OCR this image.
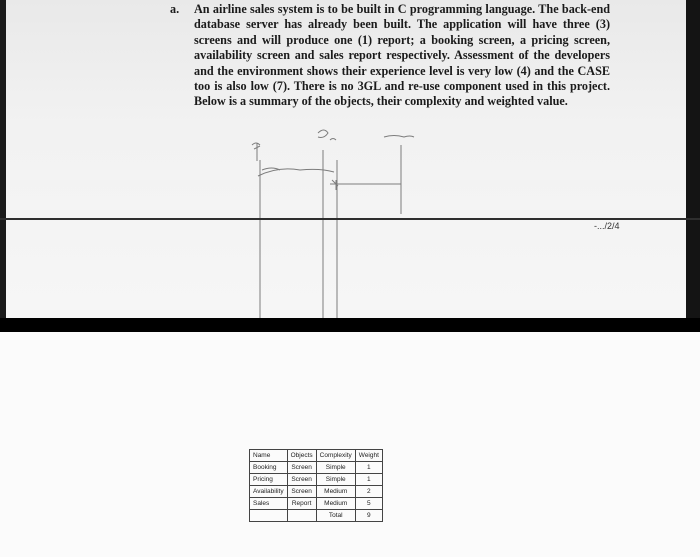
a. An airline sales system is to be built in C programming language. The back-end database server has already been built. The application will have three (3) screens and will produce one (1) report; a booking screen, a pricing screen, availability screen and sales report respectively. Assessment of the developers and the environment shows their experience level is very low (4) and the CASE too is also low (7). There is no 3GL and re-use component used in this project. Below is a summary of the objects, their complexity and weighted value.
-.../2/4
Name	Objects	Complexity	Weight
Booking	Screen	Simple	1
Pricing	Screen	Simple	1
Availability	Screen	Medium	2
Sales	Report	Medium	5
		Total	9
